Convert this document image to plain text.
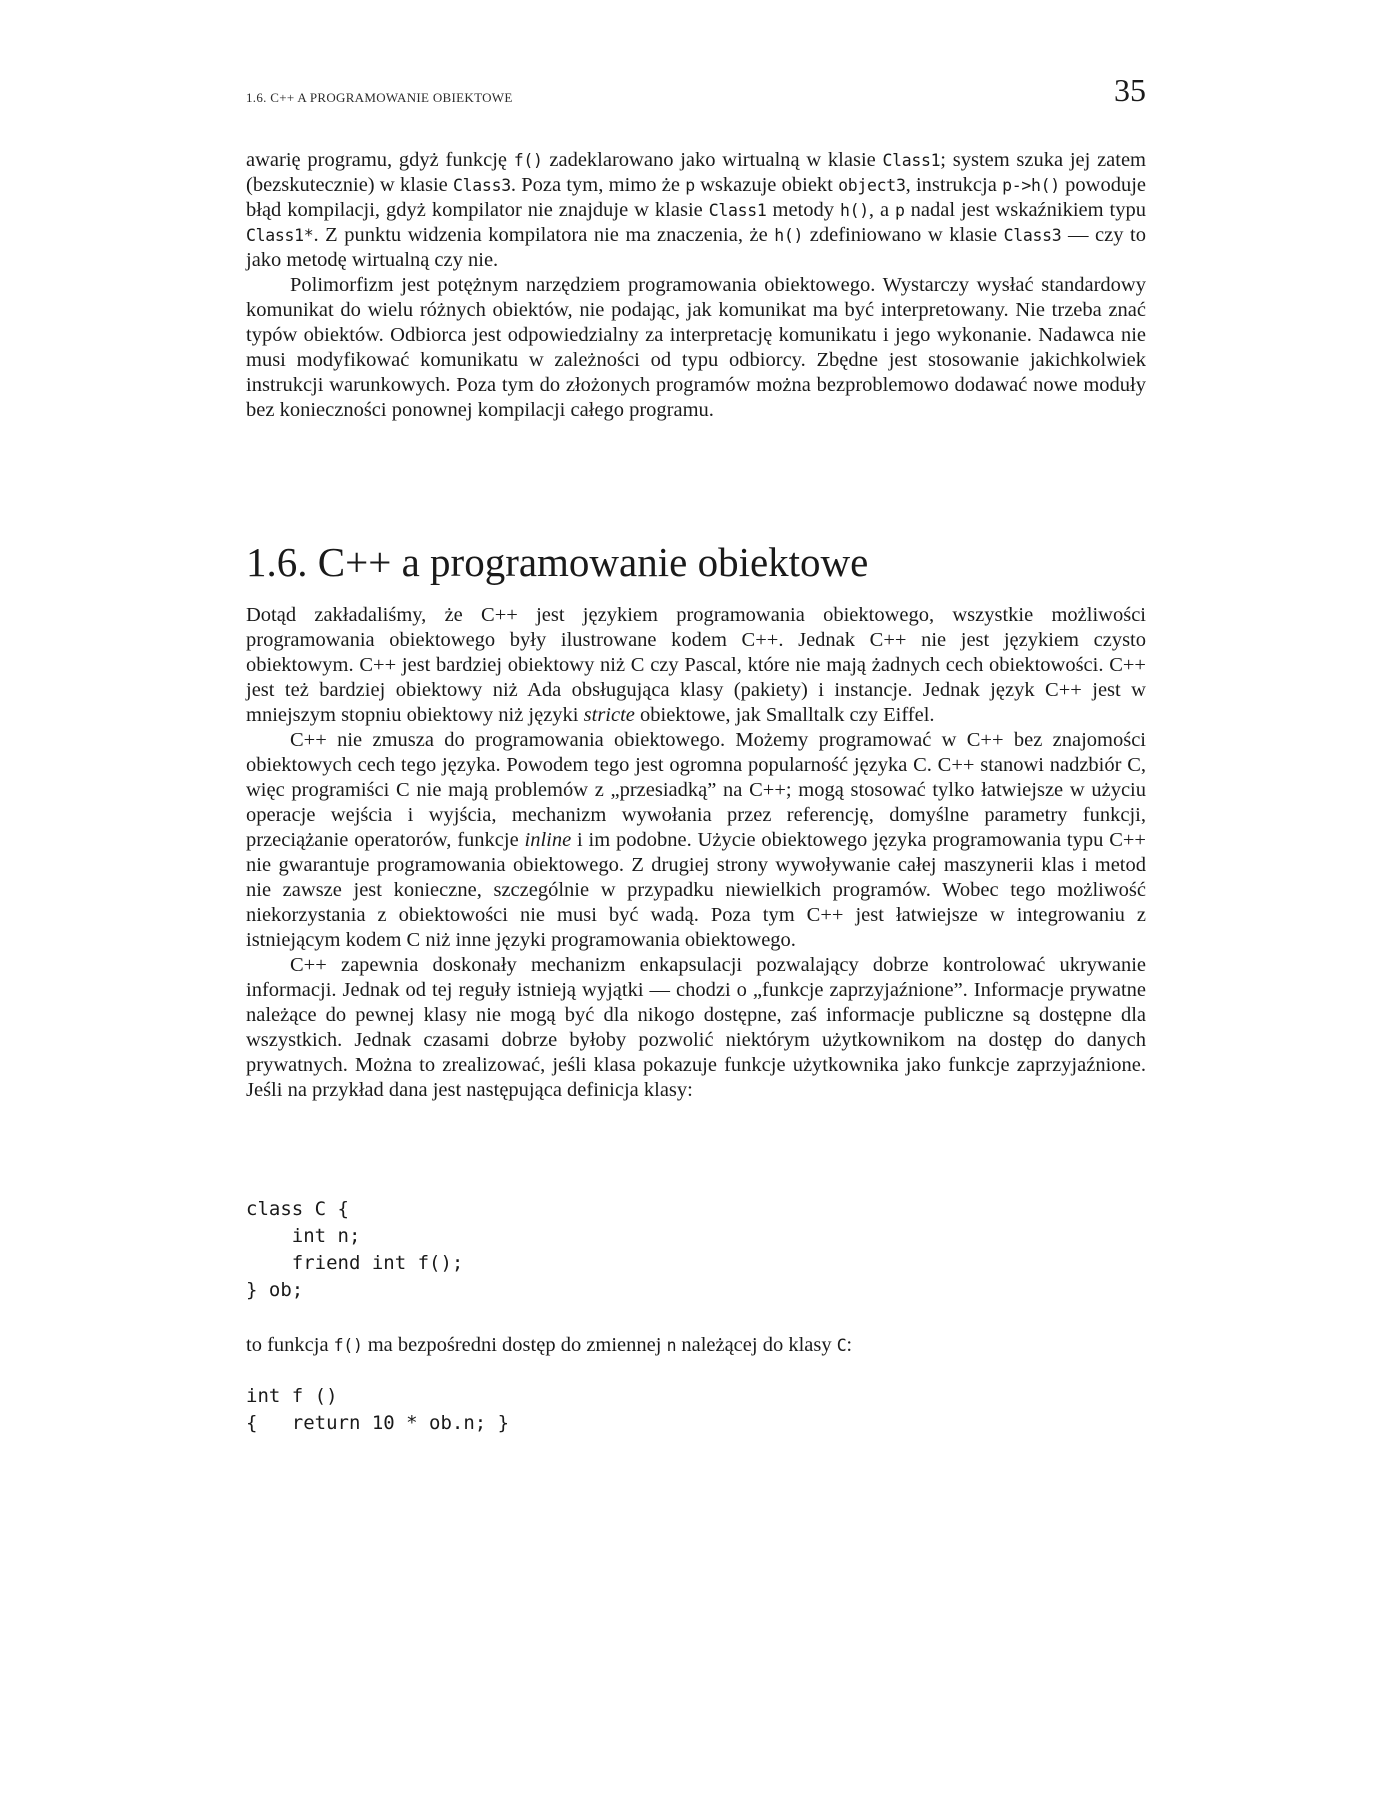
1.6. C++ A PROGRAMOWANIE OBIEKTOWE	35

awarię programu, gdyż funkcję f() zadeklarowano jako wirtualną w klasie Class1; system szuka jej zatem (bezskutecznie) w klasie Class3. Poza tym, mimo że p wskazuje obiekt object3, instrukcja p->h() powoduje błąd kompilacji, gdyż kompilator nie znajduje w klasie Class1 metody h(), a p nadal jest wskaźnikiem typu Class1*. Z punktu widzenia kompilatora nie ma znaczenia, że h() zdefiniowano w klasie Class3 — czy to jako metodę wirtualną czy nie.

Polimorfizm jest potężnym narzędziem programowania obiektowego. Wystarczy wysłać standardowy komunikat do wielu różnych obiektów, nie podając, jak komunikat ma być interpretowany. Nie trzeba znać typów obiektów. Odbiorca jest odpowiedzialny za interpretację komunikatu i jego wykonanie. Nadawca nie musi modyfikować komunikatu w zależności od typu odbiorcy. Zbędne jest stosowanie jakichkolwiek instrukcji warunkowych. Poza tym do złożonych programów można bezproblemowo dodawać nowe moduły bez konieczności ponownej kompilacji całego programu.

1.6. C++ a programowanie obiektowe

Dotąd zakładaliśmy, że C++ jest językiem programowania obiektowego, wszystkie możliwości programowania obiektowego były ilustrowane kodem C++. Jednak C++ nie jest językiem czysto obiektowym. C++ jest bardziej obiektowy niż C czy Pascal, które nie mają żadnych cech obiektowości. C++ jest też bardziej obiektowy niż Ada obsługująca klasy (pakiety) i instancje. Jednak język C++ jest w mniejszym stopniu obiektowy niż języki stricte obiektowe, jak Smalltalk czy Eiffel.

C++ nie zmusza do programowania obiektowego. Możemy programować w C++ bez znajomości obiektowych cech tego języka. Powodem tego jest ogromna popularność języka C. C++ stanowi nadzbiór C, więc programiści C nie mają problemów z „przesiadką” na C++; mogą stosować tylko łatwiejsze w użyciu operacje wejścia i wyjścia, mechanizm wywołania przez referencję, domyślne parametry funkcji, przeciążanie operatorów, funkcje inline i im podobne. Użycie obiektowego języka programowania typu C++ nie gwarantuje programowania obiektowego. Z drugiej strony wywoływanie całej maszynerii klas i metod nie zawsze jest konieczne, szczególnie w przypadku niewielkich programów. Wobec tego możliwość niekorzystania z obiektowości nie musi być wadą. Poza tym C++ jest łatwiejsze w integrowaniu z istniejącym kodem C niż inne języki programowania obiektowego.

C++ zapewnia doskonały mechanizm enkapsulacji pozwalający dobrze kontrolować ukrywanie informacji. Jednak od tej reguły istnieją wyjątki — chodzi o „funkcje zaprzyjaźnione”. Informacje prywatne należące do pewnej klasy nie mogą być dla nikogo dostępne, zaś informacje publiczne są dostępne dla wszystkich. Jednak czasami dobrze byłoby pozwolić niektórym użytkownikom na dostęp do danych prywatnych. Można to zrealizować, jeśli klasa pokazuje funkcje użytkownika jako funkcje zaprzyjaźnione. Jeśli na przykład dana jest następująca definicja klasy:

class C {
int n;
friend int f();
} ob;

to funkcja f() ma bezpośredni dostęp do zmiennej n należącej do klasy C:

int f ()
{   return 10 * ob.n; }
